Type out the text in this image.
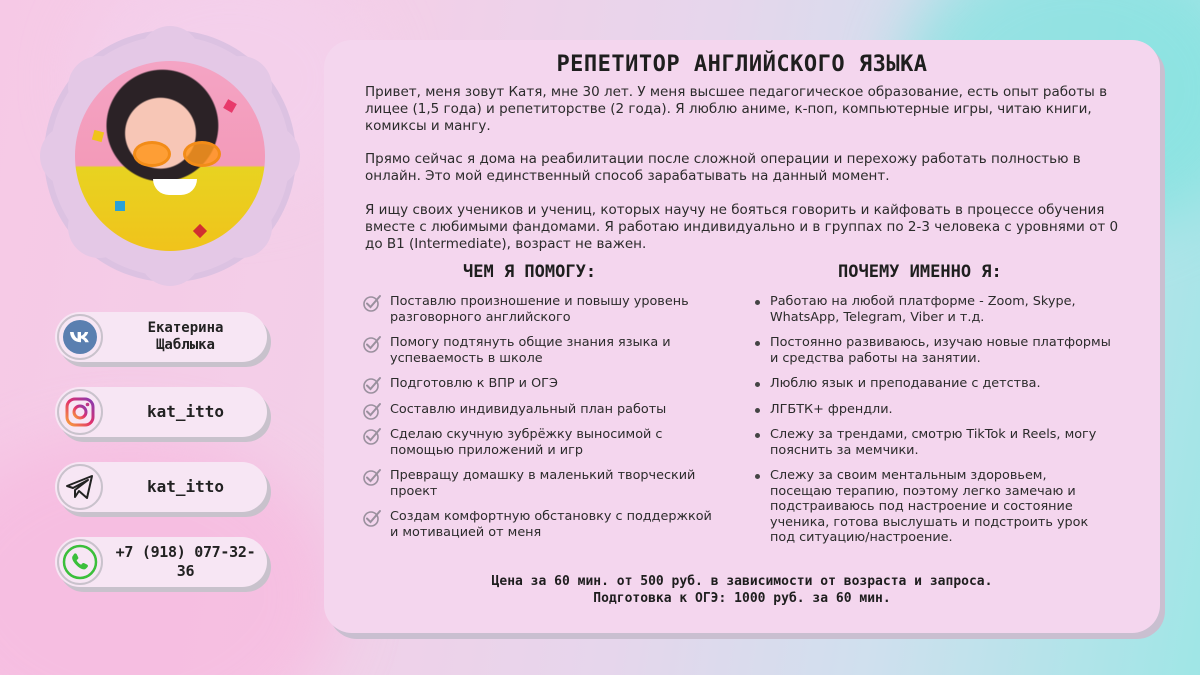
Екатерина
Щаблыка
kat_itto
kat_itto
+7 (918) 077-32-36
РЕПЕТИТОР АНГЛИЙСКОГО ЯЗЫКА

Привет, меня зовут Катя, мне 30 лет. У меня высшее педагогическое образование, есть опыт работы в лицее (1,5 года) и репетиторстве (2 года). Я люблю аниме, к-поп, компьютерные игры, читаю книги, комиксы и мангу.

Прямо сейчас я дома на реабилитации после сложной операции и перехожу работать полностью в онлайн. Это мой единственный способ зарабатывать на данный момент.

Я ищу своих учеников и учениц, которых научу не бояться говорить и кайфовать в процессе обучения вместе с любимыми фандомами. Я работаю индивидуально и в группах по 2-3 человека с уровнями от 0 до B1 (Intermediate), возраст не важен.

ЧЕМ Я ПОМОГУ:	ПОЧЕМУ ИМЕННО Я:
Поставлю произношение и повышу уровень разговорного английского
Помогу подтянуть общие знания языка и успеваемость в школе
Подготовлю к ВПР и ОГЭ
Составлю индивидуальный план работы
Сделаю скучную зубрёжку выносимой с помощью приложений и игр
Превращу домашку в маленький творческий проект
Создам комфортную обстановку с поддержкой и мотивацией от меня
Работаю на любой платформе - Zoom, Skype, WhatsApp, Telegram, Viber и т.д.
Постоянно развиваюсь, изучаю новые платформы и средства работы на занятии.
Люблю язык и преподавание с детства.
ЛГБТК+ френдли.
Слежу за трендами, смотрю TikTok и Reels, могу пояснить за мемчики.
Слежу за своим ментальным здоровьем, посещаю терапию, поэтому легко замечаю и подстраиваюсь под настроение и состояние ученика, готова выслушать и подстроить урок под ситуацию/настроение.
Цена за 60 мин. от 500 руб. в зависимости от возраста и запроса.
Подготовка к ОГЭ: 1000 руб. за 60 мин.
